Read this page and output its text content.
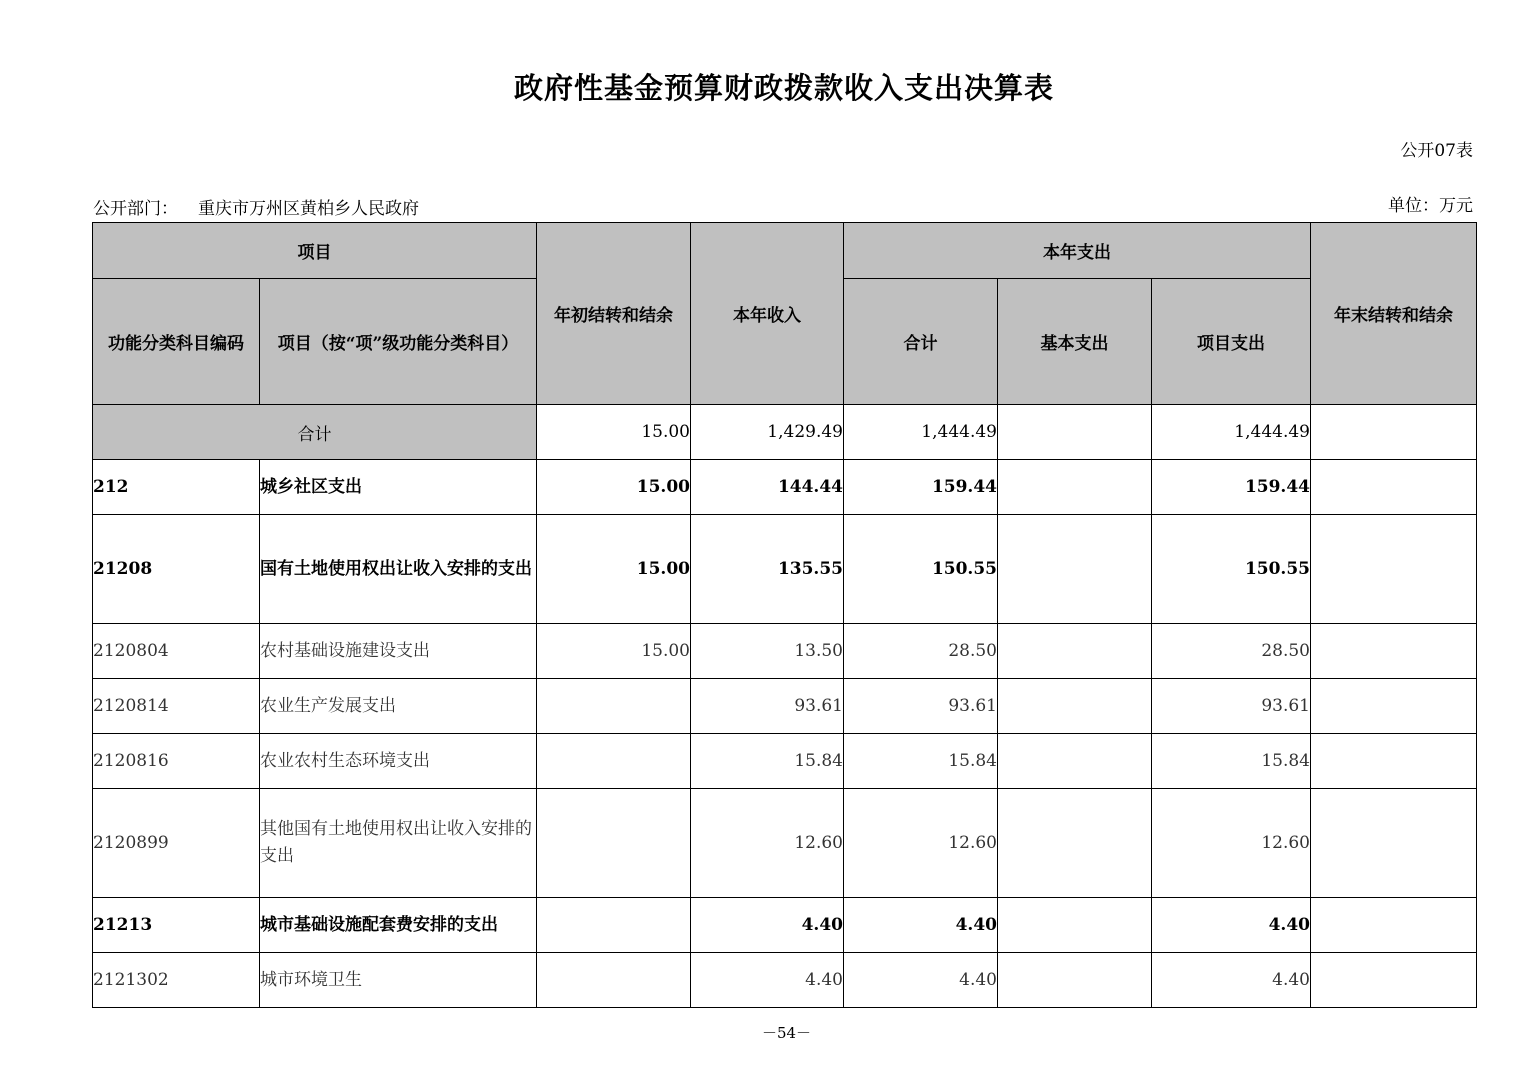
政府性基金预算财政拨款收入支出决算表
公开07表
公开部门： 重庆市万州区黄柏乡人民政府	单位：万元
项目		年初结转和结余	本年收入	本年支出			年末结转和结余
功能分类科目编码	项目（按“项”级功能分类科目）			合计	基本支出	项目支出	
合计		15.00	1,429.49	1,444.49		1,444.49	
212	城乡社区支出	15.00	144.44	159.44		159.44	
21208	国有土地使用权出让收入安排的支出	15.00	135.55	150.55		150.55	
2120804	农村基础设施建设支出	15.00	13.50	28.50		28.50	
2120814	农业生产发展支出		93.61	93.61		93.61	
2120816	农业农村生态环境支出		15.84	15.84		15.84	
2120899	其他国有土地使用权出让收入安排的支出		12.60	12.60		12.60	
21213	城市基础设施配套费安排的支出		4.40	4.40		4.40	
2121302	城市环境卫生		4.40	4.40		4.40	
－54－
